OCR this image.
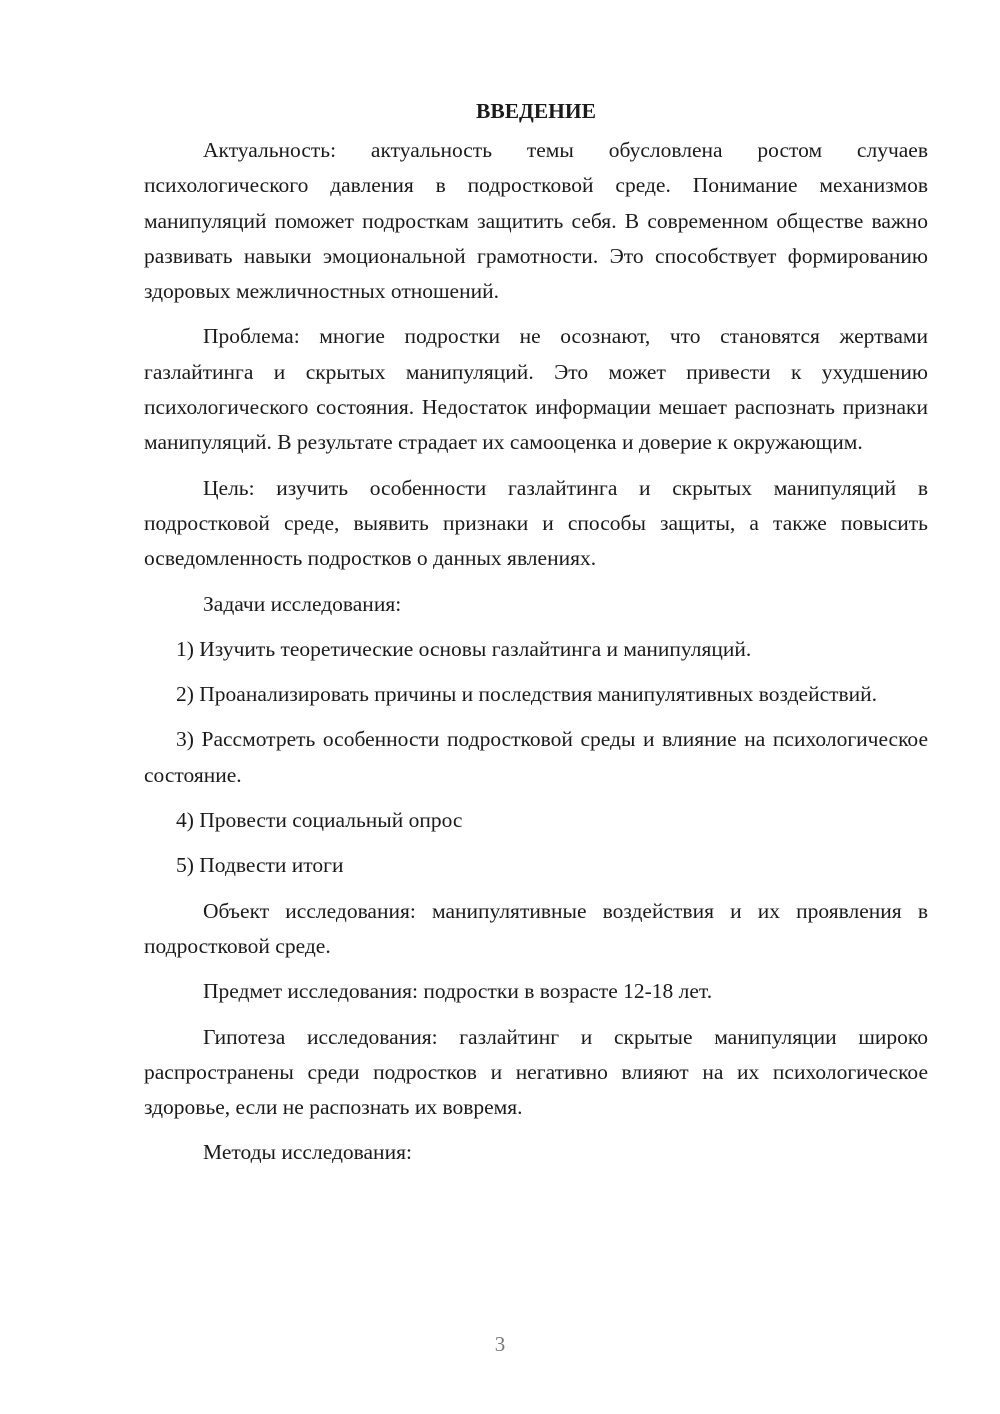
ВВЕДЕНИЕ

Актуальность: актуальность темы обусловлена ростом случаев психологического давления в подростковой среде. Понимание механизмов манипуляций поможет подросткам защитить себя. В современном обществе важно развивать навыки эмоциональной грамотности. Это способствует формированию здоровых межличностных отношений.

Проблема: многие подростки не осознают, что становятся жертвами газлайтинга и скрытых манипуляций. Это может привести к ухудшению психологического состояния. Недостаток информации мешает распознать признаки манипуляций. В результате страдает их самооценка и доверие к окружающим.

Цель: изучить особенности газлайтинга и скрытых манипуляций в подростковой среде, выявить признаки и способы защиты, а также повысить осведомленность подростков о данных явлениях.

Задачи исследования:

1) Изучить теоретические основы газлайтинга и манипуляций.

2) Проанализировать причины и последствия манипулятивных воздействий.

3) Рассмотреть особенности подростковой среды и влияние на психологическое состояние.

4) Провести социальный опрос

5) Подвести итоги

Объект исследования: манипулятивные воздействия и их проявления в подростковой среде.

Предмет исследования: подростки в возрасте 12-18 лет.

Гипотеза исследования: газлайтинг и скрытые манипуляции широко распространены среди подростков и негативно влияют на их психологическое здоровье, если не распознать их вовремя.

Методы исследования:

3
